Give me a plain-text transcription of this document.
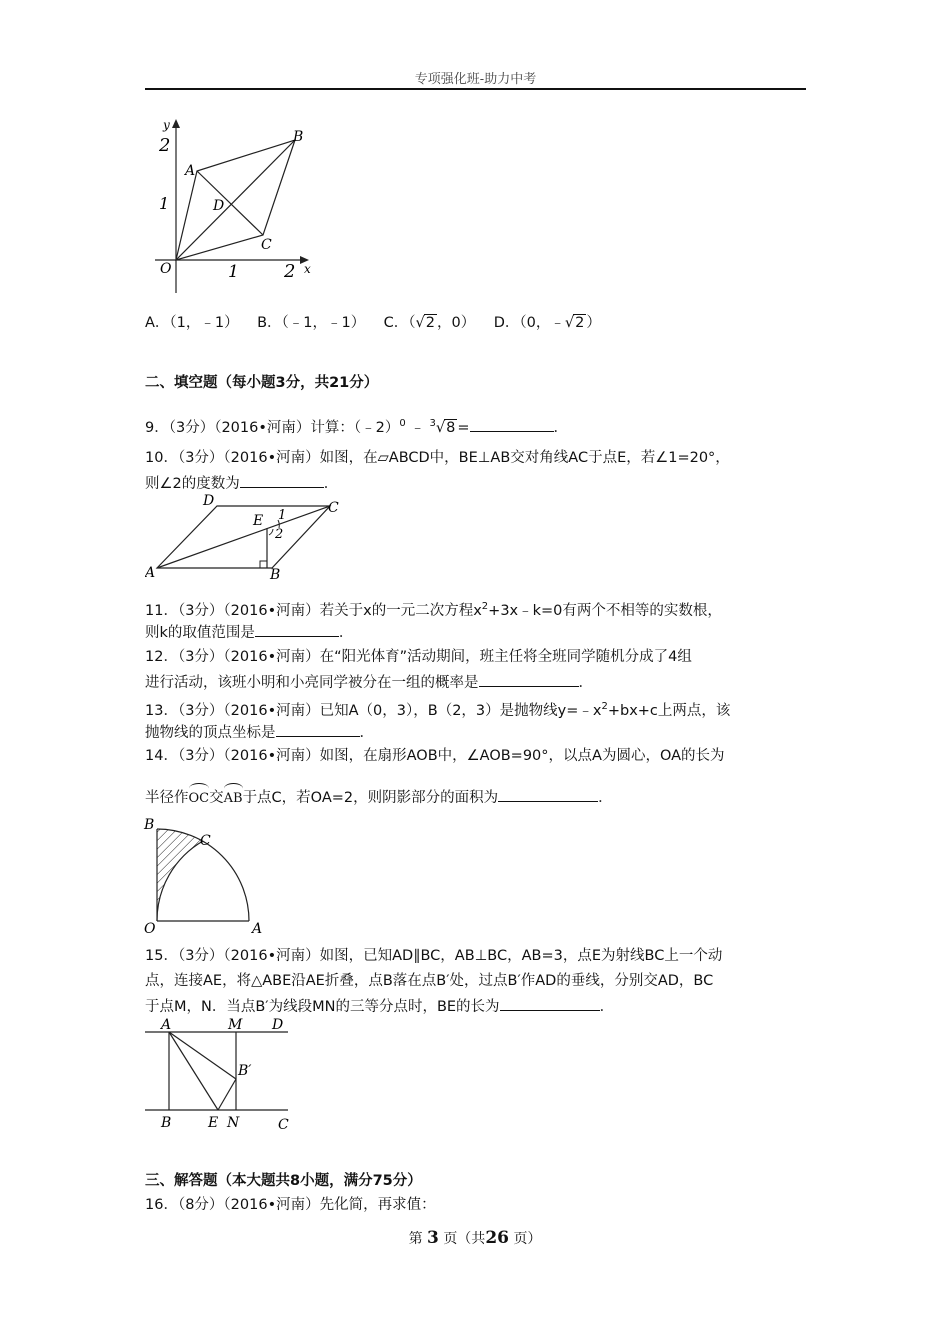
专项强化班-助力中考
y
2
1
A
B
D
C
O	1	2 x
A．（1，﹣1） B．（﹣1，﹣1） C．（√2 ，0） D．（0，﹣√2 ）
二、填空题（每小题3分，共21分）
9．（3分）（2016•河南）计算：（﹣2）$^0$ ﹣ $^3$√8 =	．
10．（3分）（2016•河南）如图，在▱ABCD中，BE⊥AB交对角线AC于点E，若∠1=20°，
则∠2的度数为	．
D	C
A	B
E 1
2
11．（3分）（2016•河南）若关于x的一元二次方程$x^2+3x﹣k=0$有两个不相等的实数根，
则k的取值范围是	．
12．（3分）（2016•河南）在“阳光体育”活动期间，班主任将全班同学随机分成了4组
进行活动，该班小明和小亮同学被分在一组的概率是	．
13．（3分）（2016•河南）已知A（0，3），B（2，3）是抛物线$y=﹣x^2+bx+c$上两点，该
抛物线的顶点坐标是	．
14．（3分）（2016•河南）如图，在扇形AOB中，∠AOB=90°，以点A为圆心，OA的长为
半径作OC交AB于点C，若OA=2，则阴影部分的面积为	．
B
C
O	A
15．（3分）（2016•河南）如图，已知AD∥BC，AB⊥BC，AB=3，点E为射线BC上一个动
点，连接AE，将△ABE沿AE折叠，点B落在点B′处，过点B′作AD的垂线，分别交AD，BC
于点M，N．当点B′为线段MN的三等分点时，BE的长为	．
A	M D
B′
B	E N	C
三、解答题（本大题共8小题，满分75分）
16．（8分）（2016•河南）先化简，再求值：
第 3 页（共26 页）
